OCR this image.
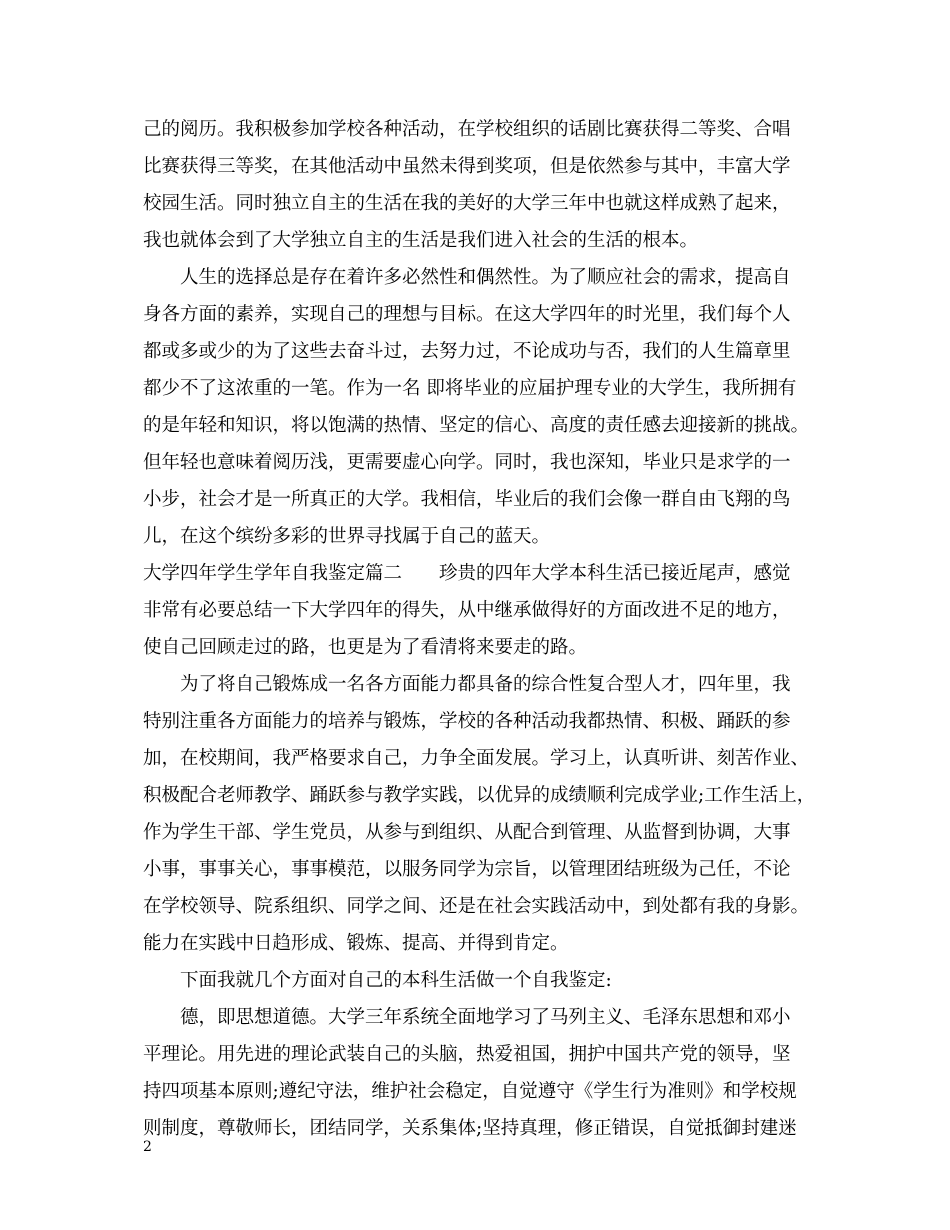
己的阅历。我积极参加学校各种活动，在学校组织的话剧比赛获得二等奖、合唱
比赛获得三等奖，在其他活动中虽然未得到奖项，但是依然参与其中，丰富大学
校园生活。同时独立自主的生活在我的美好的大学三年中也就这样成熟了起来，
我也就体会到了大学独立自主的生活是我们进入社会的生活的根本。
　　人生的选择总是存在着许多必然性和偶然性。为了顺应社会的需求，提高自
身各方面的素养，实现自己的理想与目标。在这大学四年的时光里，我们每个人
都或多或少的为了这些去奋斗过，去努力过，不论成功与否，我们的人生篇章里
都少不了这浓重的一笔。作为一名 即将毕业的应届护理专业的大学生，我所拥有
的是年轻和知识，将以饱满的热情、坚定的信心、高度的责任感去迎接新的挑战。
但年轻也意味着阅历浅，更需要虚心向学。同时，我也深知，毕业只是求学的一
小步，社会才是一所真正的大学。我相信，毕业后的我们会像一群自由飞翔的鸟
儿，在这个缤纷多彩的世界寻找属于自己的蓝天。
大学四年学生学年自我鉴定篇二　　珍贵的四年大学本科生活已接近尾声，感觉
非常有必要总结一下大学四年的得失，从中继承做得好的方面改进不足的地方，
使自己回顾走过的路，也更是为了看清将来要走的路。
　　为了将自己锻炼成一名各方面能力都具备的综合性复合型人才，四年里，我
特别注重各方面能力的培养与锻炼，学校的各种活动我都热情、积极、踊跃的参
加，在校期间，我严格要求自己，力争全面发展。学习上，认真听讲、刻苦作业、
积极配合老师教学、踊跃参与教学实践，以优异的成绩顺利完成学业;工作生活上，
作为学生干部、学生党员，从参与到组织、从配合到管理、从监督到协调，大事
小事，事事关心，事事模范，以服务同学为宗旨，以管理团结班级为己任，不论
在学校领导、院系组织、同学之间、还是在社会实践活动中，到处都有我的身影。
能力在实践中日趋形成、锻炼、提高、并得到肯定。
　　下面我就几个方面对自己的本科生活做一个自我鉴定:
　　德，即思想道德。大学三年系统全面地学习了马列主义、毛泽东思想和邓小
平理论。用先进的理论武装自己的头脑，热爱祖国，拥护中国共产党的领导，坚
持四项基本原则;遵纪守法，维护社会稳定，自觉遵守《学生行为准则》和学校规
则制度，尊敬师长，团结同学，关系集体;坚持真理，修正错误，自觉抵御封建迷
2
